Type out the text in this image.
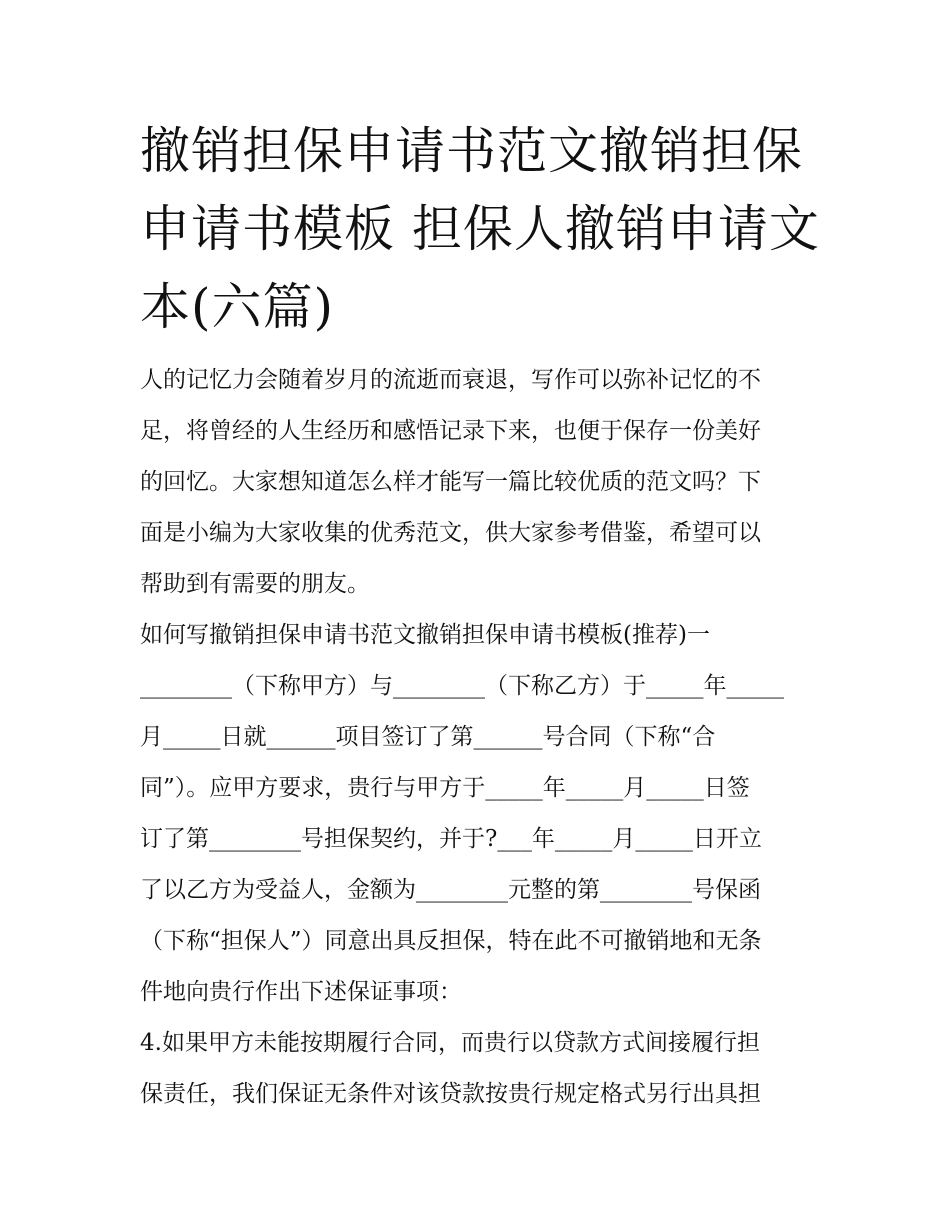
撤销担保申请书范文撤销担保
申请书模板 担保人撤销申请文
本(六篇)

人的记忆力会随着岁月的流逝而衰退，写作可以弥补记忆的不
足，将曾经的人生经历和感悟记录下来，也便于保存一份美好
的回忆。大家想知道怎么样才能写一篇比较优质的范文吗？下
面是小编为大家收集的优秀范文，供大家参考借鉴，希望可以
帮助到有需要的朋友。

如何写撤销担保申请书范文撤销担保申请书模板(推荐)一

________（下称甲方）与________（下称乙方）于_____年_____
月_____日就______项目签订了第______号合同（下称“合
同”）。应甲方要求，贵行与甲方于_____年_____月_____日签
订了第________号担保契约，并于?___年_____月_____日开立
了以乙方为受益人，金额为________元整的第________号保函
（下称“担保人”）同意出具反担保，特在此不可撤销地和无条
件地向贵行作出下述保证事项：

4.如果甲方未能按期履行合同，而贵行以贷款方式间接履行担
保责任，我们保证无条件对该贷款按贵行规定格式另行出具担
